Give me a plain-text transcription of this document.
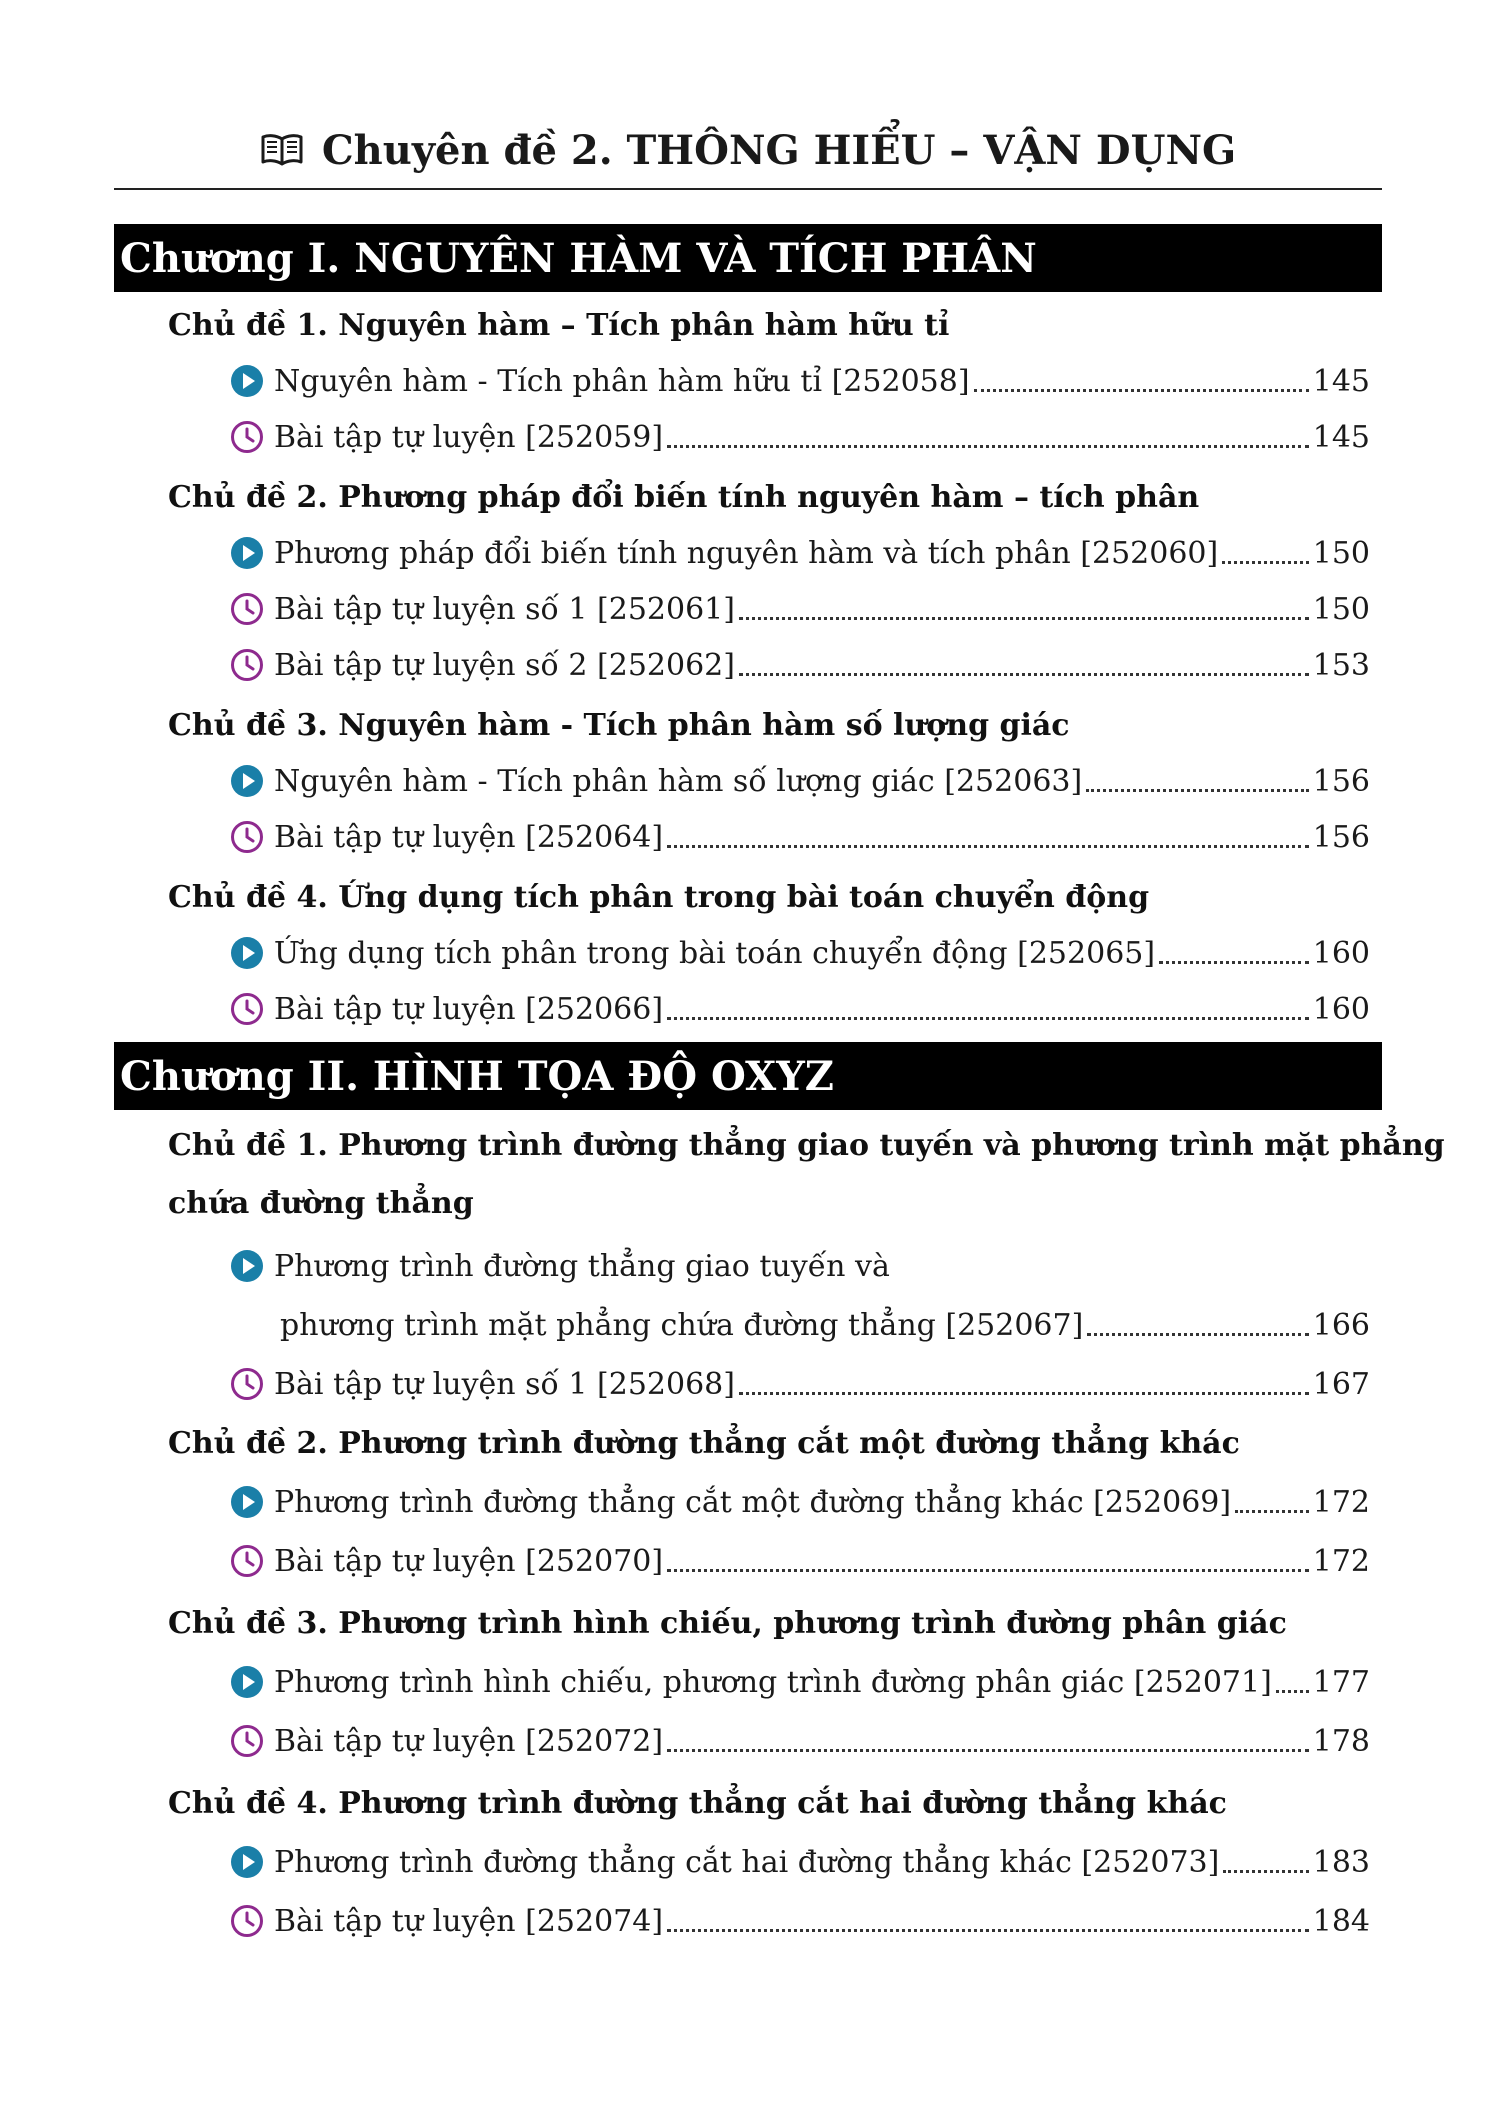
Chuyên đề 2. THÔNG HIỂU – VẬN DỤNG
Chương I. NGUYÊN HÀM VÀ TÍCH PHÂN
Chủ đề 1. Nguyên hàm – Tích phân hàm hữu tỉ
Nguyên hàm - Tích phân hàm hữu tỉ [252058]	145
Bài tập tự luyện [252059]	145
Chủ đề 2. Phương pháp đổi biến tính nguyên hàm – tích phân
Phương pháp đổi biến tính nguyên hàm và tích phân [252060]	150
Bài tập tự luyện số 1 [252061]	150
Bài tập tự luyện số 2 [252062]	153
Chủ đề 3. Nguyên hàm - Tích phân hàm số lượng giác
Nguyên hàm - Tích phân hàm số lượng giác [252063]	156
Bài tập tự luyện [252064]	156
Chủ đề 4. Ứng dụng tích phân trong bài toán chuyển động
Ứng dụng tích phân trong bài toán chuyển động [252065]	160
Bài tập tự luyện [252066]	160
Chương II. HÌNH TỌA ĐỘ OXYZ
Chủ đề 1. Phương trình đường thẳng giao tuyến và phương trình mặt phẳng
chứa đường thẳng
Phương trình đường thẳng giao tuyến và
phương trình mặt phẳng chứa đường thẳng [252067]	166
Bài tập tự luyện số 1 [252068]	167
Chủ đề 2. Phương trình đường thẳng cắt một đường thẳng khác
Phương trình đường thẳng cắt một đường thẳng khác [252069]	172
Bài tập tự luyện [252070]	172
Chủ đề 3. Phương trình hình chiếu, phương trình đường phân giác
Phương trình hình chiếu, phương trình đường phân giác [252071] 177
Bài tập tự luyện [252072]	178
Chủ đề 4. Phương trình đường thẳng cắt hai đường thẳng khác
Phương trình đường thẳng cắt hai đường thẳng khác [252073]	183
Bài tập tự luyện [252074]	184
